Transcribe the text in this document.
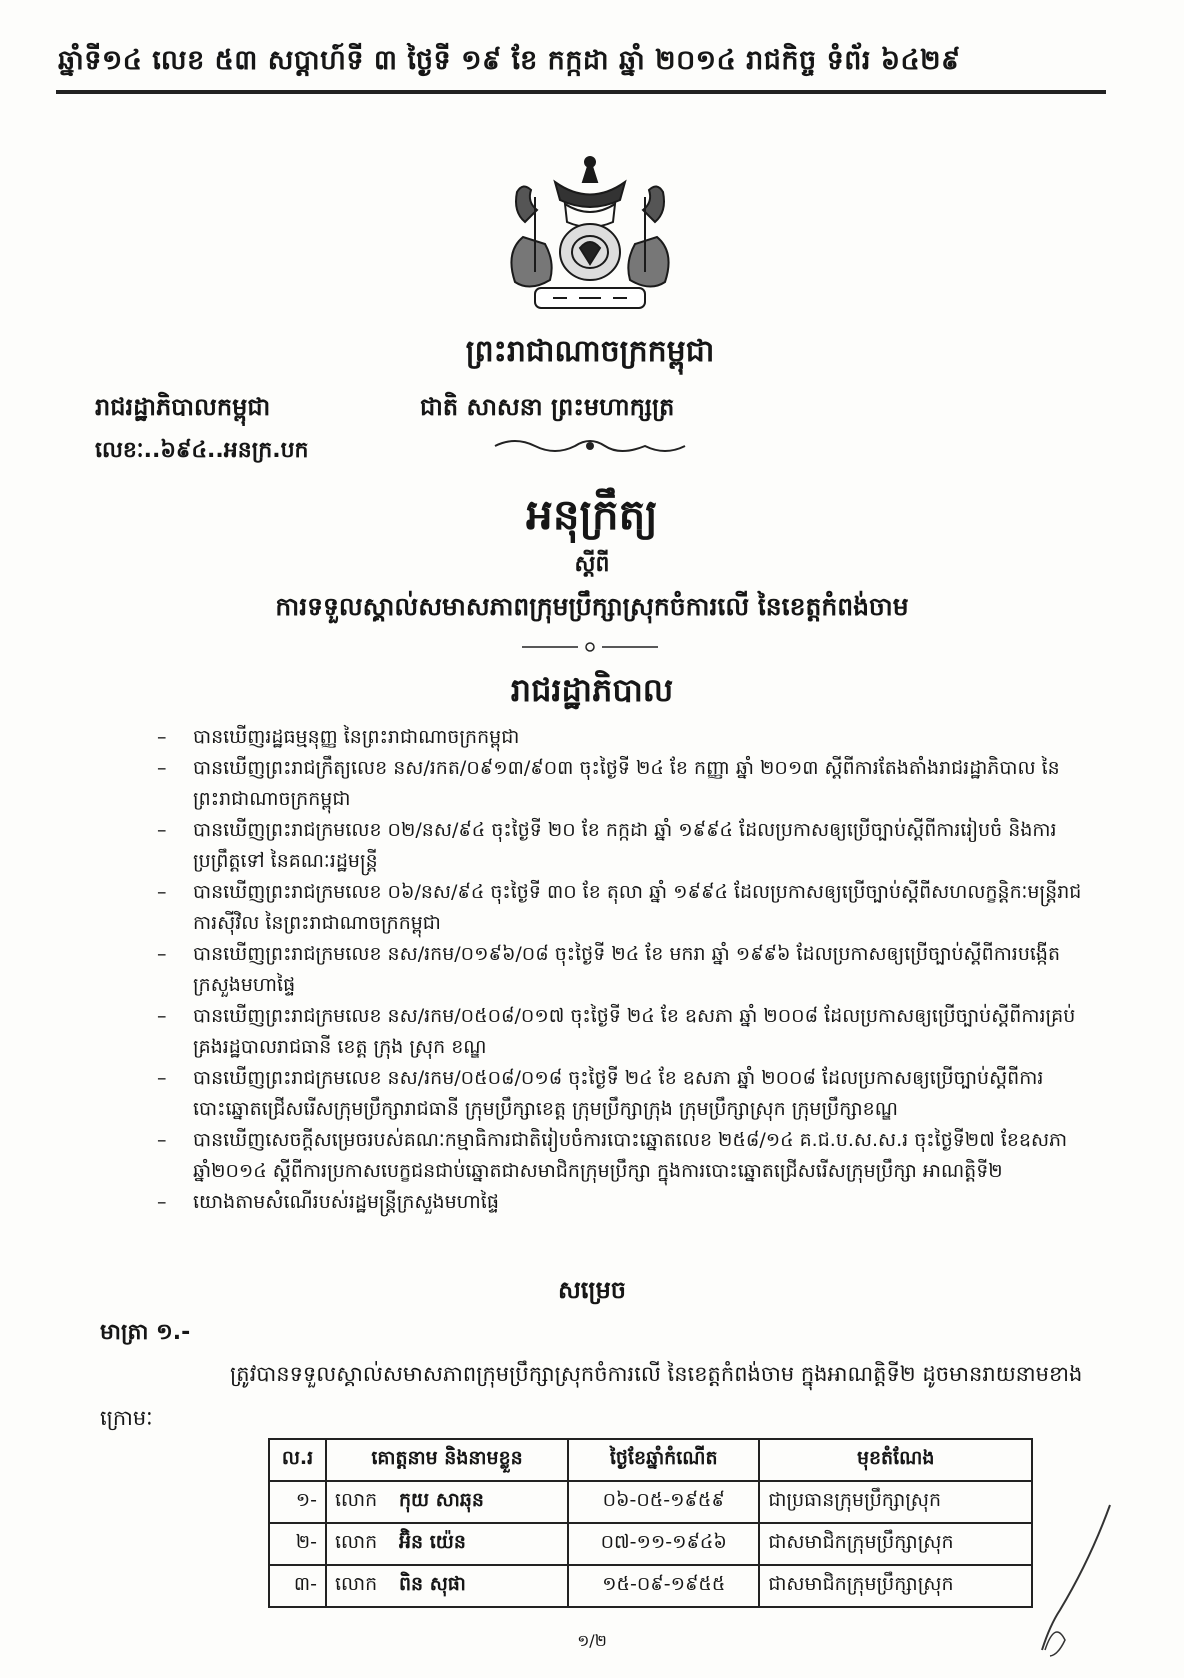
ឆ្នាំទី១៤ លេខ ៥៣ សប្តាហ៍ទី ៣ ថ្ងៃទី ១៩ ខែ កក្កដា ឆ្នាំ ២០១៤ រាជកិច្ច ទំព័រ ៦៤២៩
ព្រះរាជាណាចក្រកម្ពុជា
រាជរដ្ឋាភិបាលកម្ពុជា	ជាតិ សាសនា ព្រះមហាក្សត្រ
លេខៈ..៦៩៤..អនក្រ.បក
អនុក្រឹត្យ
ស្តីពី
ការទទួលស្គាល់សមាសភាពក្រុមប្រឹក្សាស្រុកចំការលើ នៃខេត្តកំពង់ចាម
រាជរដ្ឋាភិបាល
– បានឃើញរដ្ឋធម្មនុញ្ញ នៃព្រះរាជាណាចក្រកម្ពុជា
– បានឃើញព្រះរាជក្រឹត្យលេខ នស/រកត/០៩១៣/៩០៣ ចុះថ្ងៃទី ២៤ ខែ កញ្ញា ឆ្នាំ ២០១៣ ស្តីពីការតែងតាំងរាជរដ្ឋាភិបាល នៃព្រះរាជាណាចក្រកម្ពុជា
– បានឃើញព្រះរាជក្រមលេខ ០២/នស/៩៤ ចុះថ្ងៃទី ២០ ខែ កក្កដា ឆ្នាំ ១៩៩៤ ដែលប្រកាសឲ្យប្រើច្បាប់ស្តីពីការរៀបចំ និងការប្រព្រឹត្តទៅ នៃគណៈរដ្ឋមន្ត្រី
– បានឃើញព្រះរាជក្រមលេខ ០៦/នស/៩៤ ចុះថ្ងៃទី ៣០ ខែ តុលា ឆ្នាំ ១៩៩៤ ដែលប្រកាសឲ្យប្រើច្បាប់ស្តីពីសហលក្ខន្តិកៈមន្ត្រីរាជការស៊ីវិល នៃព្រះរាជាណាចក្រកម្ពុជា
– បានឃើញព្រះរាជក្រមលេខ នស/រកម/០១៩៦/០៨ ចុះថ្ងៃទី ២៤ ខែ មករា ឆ្នាំ ១៩៩៦ ដែលប្រកាសឲ្យប្រើច្បាប់ស្តីពីការបង្កើតក្រសួងមហាផ្ទៃ
– បានឃើញព្រះរាជក្រមលេខ នស/រកម/០៥០៨/០១៧ ចុះថ្ងៃទី ២៤ ខែ ឧសភា ឆ្នាំ ២០០៨ ដែលប្រកាសឲ្យប្រើច្បាប់ស្តីពីការគ្រប់គ្រងរដ្ឋបាលរាជធានី ខេត្ត ក្រុង ស្រុក ខណ្ឌ
– បានឃើញព្រះរាជក្រមលេខ នស/រកម/០៥០៨/០១៨ ចុះថ្ងៃទី ២៤ ខែ ឧសភា ឆ្នាំ ២០០៨ ដែលប្រកាសឲ្យប្រើច្បាប់ស្តីពីការបោះឆ្នោតជ្រើសរើសក្រុមប្រឹក្សារាជធានី ក្រុមប្រឹក្សាខេត្ត ក្រុមប្រឹក្សាក្រុង ក្រុមប្រឹក្សាស្រុក ក្រុមប្រឹក្សាខណ្ឌ
– បានឃើញសេចក្តីសម្រេចរបស់គណៈកម្មាធិការជាតិរៀបចំការបោះឆ្នោតលេខ ២៥៨/១៤ គ.ជ.ប.ស.ស.រ ចុះថ្ងៃទី២៧ ខែឧសភា ឆ្នាំ២០១៤ ស្តីពីការប្រកាសបេក្ខជនជាប់ឆ្នោតជាសមាជិកក្រុមប្រឹក្សា ក្នុងការបោះឆ្នោតជ្រើសរើសក្រុមប្រឹក្សា អាណត្តិទី២
– យោងតាមសំណើរបស់រដ្ឋមន្ត្រីក្រសួងមហាផ្ទៃ
សម្រេច
មាត្រា ១.-
ត្រូវបានទទួលស្គាល់សមាសភាពក្រុមប្រឹក្សាស្រុកចំការលើ នៃខេត្តកំពង់ចាម ក្នុងអាណត្តិទី២ ដូចមានរាយនាមខាងក្រោមៈ
ល.រ	គោត្តនាម និងនាមខ្លួន	ថ្ងៃខែឆ្នាំកំណើត	មុខតំណែង
១-	លោក កុយ សាឆុន	០៦-០៥-១៩៥៩	ជាប្រធានក្រុមប្រឹក្សាស្រុក
២-	លោក អ៊ិន យ៉េន	០៧-១១-១៩៤៦	ជាសមាជិកក្រុមប្រឹក្សាស្រុក
៣-	លោក ពិន សុផា	១៥-០៩-១៩៥៥	ជាសមាជិកក្រុមប្រឹក្សាស្រុក
១/២
